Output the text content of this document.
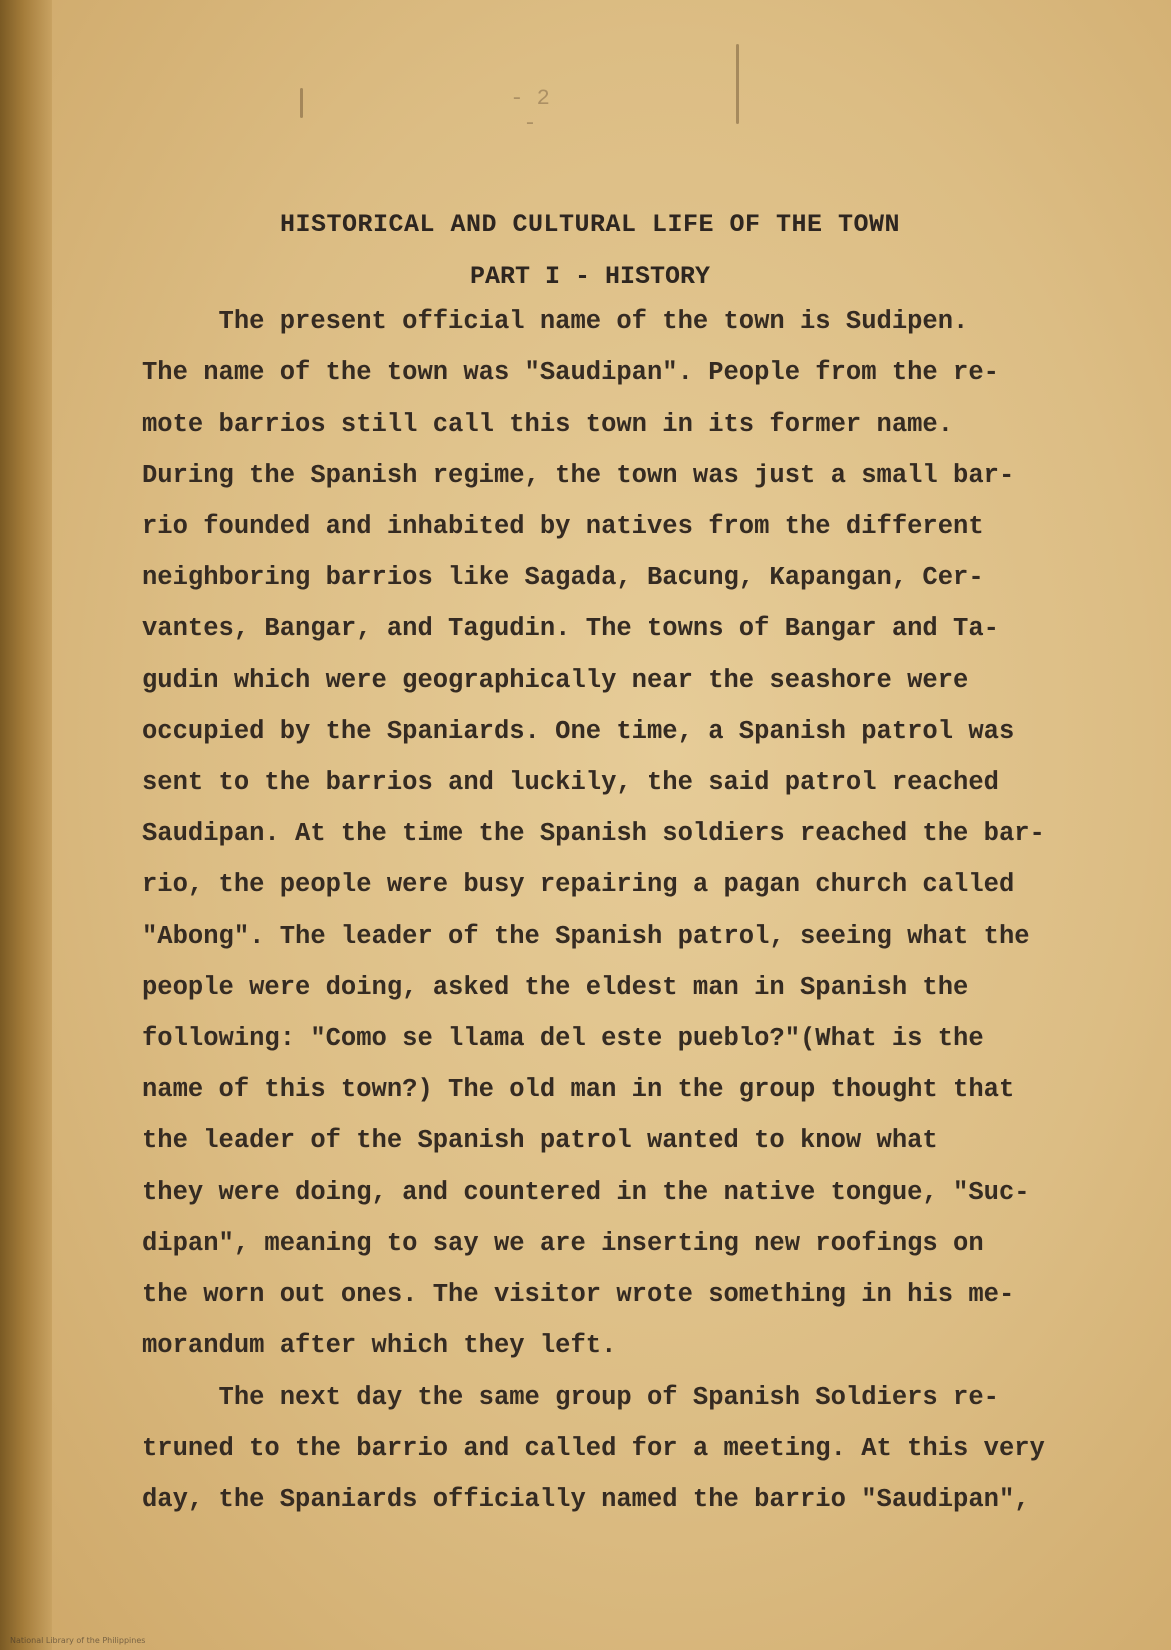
- 2 -
HISTORICAL AND CULTURAL LIFE OF THE TOWN
PART I - HISTORY

The present official name of the town is Sudipen.

The name of the town was "Saudipan". People from the re-

mote barrios still call this town in its former name.

During the Spanish regime, the town was just a small bar-

rio founded and inhabited by natives from the different

neighboring barrios like Sagada, Bacung, Kapangan, Cer-

vantes, Bangar, and Tagudin. The towns of Bangar and Ta-

gudin which were geographically near the seashore were

occupied by the Spaniards. One time, a Spanish patrol was

sent to the barrios and luckily, the said patrol reached

Saudipan. At the time the Spanish soldiers reached the bar-

rio, the people were busy repairing a pagan church called

"Abong". The leader of the Spanish patrol, seeing what the

people were doing, asked the eldest man in Spanish the

following: "Como se llama del este pueblo?"(What is the

name of this town?) The old man in the group thought that

the leader of the Spanish patrol wanted to know what

they were doing, and countered in the native tongue, "Suc-

dipan", meaning to say we are inserting new roofings on

the worn out ones. The visitor wrote something in his me-

morandum after which they left.

The next day the same group of Spanish Soldiers re-

truned to the barrio and called for a meeting. At this very

day, the Spaniards officially named the barrio "Saudipan",

National Library of the Philippines
